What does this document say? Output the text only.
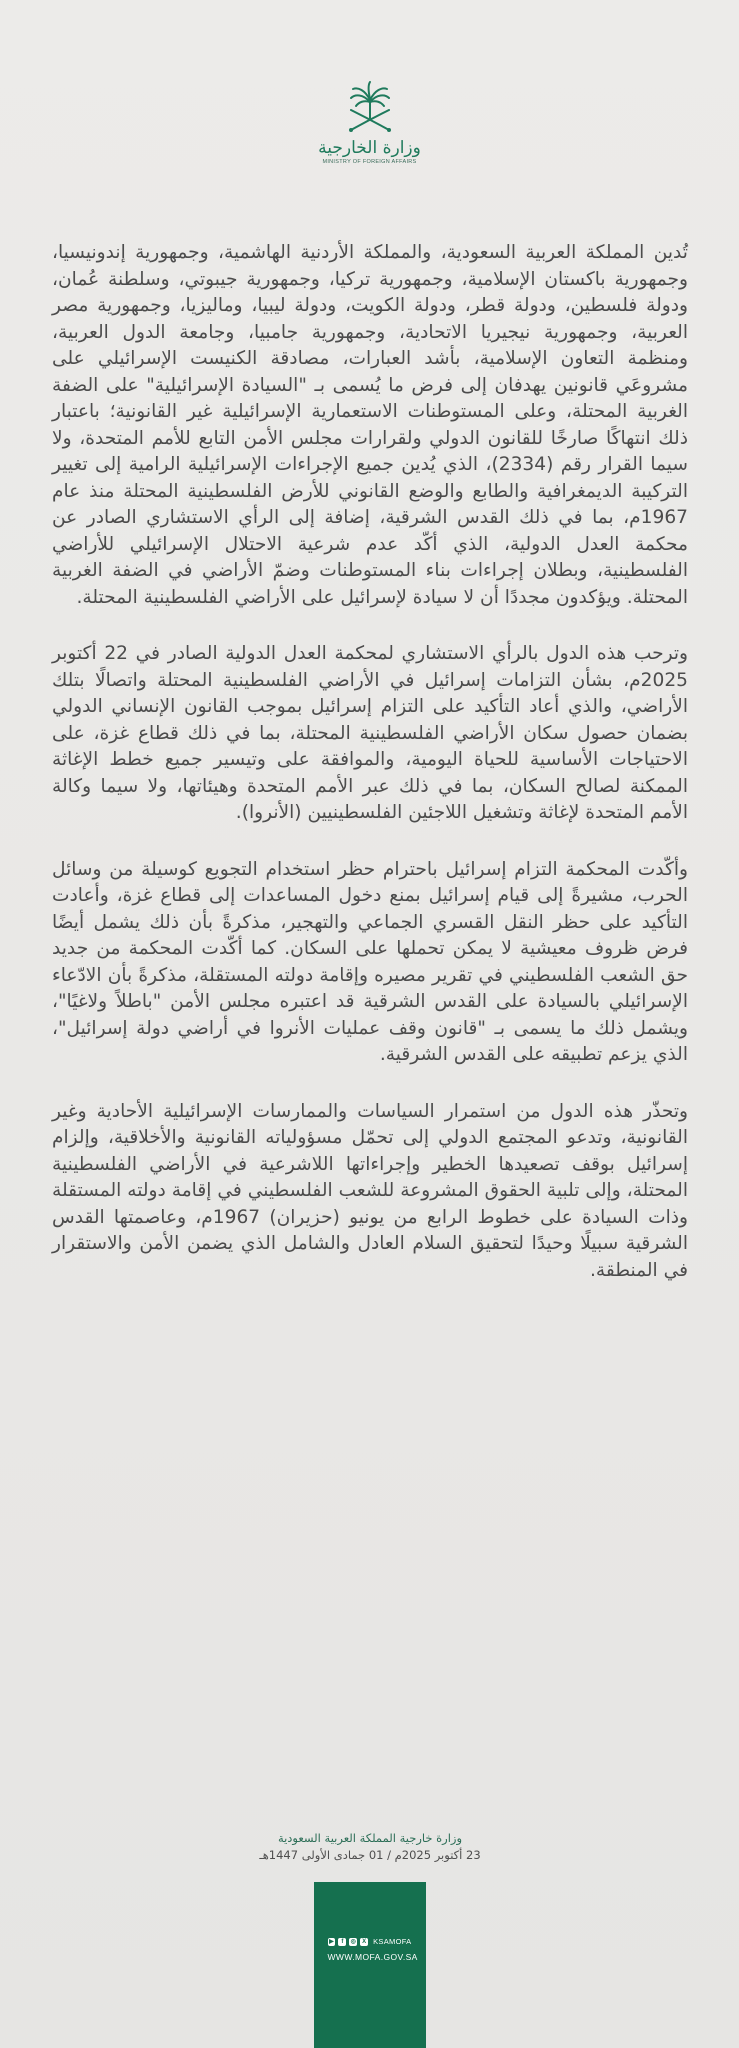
وزارة الخارجية
MINISTRY OF FOREIGN AFFAIRS

تُدين المملكة العربية السعودية، والمملكة الأردنية الهاشمية، وجمهورية إندونيسيا، وجمهورية باكستان الإسلامية، وجمهورية تركيا، وجمهورية جيبوتي، وسلطنة عُمان، ودولة فلسطين، ودولة قطر، ودولة الكويت، ودولة ليبيا، وماليزيا، وجمهورية مصر العربية، وجمهورية نيجيريا الاتحادية، وجمهورية جامبيا، وجامعة الدول العربية، ومنظمة التعاون الإسلامية، بأشد العبارات، مصادقة الكنيست الإسرائيلي على مشروعَي قانونين يهدفان إلى فرض ما يُسمى بـ "السيادة الإسرائيلية" على الضفة الغربية المحتلة، وعلى المستوطنات الاستعمارية الإسرائيلية غير القانونية؛ باعتبار ذلك انتهاكًا صارخًا للقانون الدولي ولقرارات مجلس الأمن التابع للأمم المتحدة، ولا سيما القرار رقم (2334)، الذي يُدين جميع الإجراءات الإسرائيلية الرامية إلى تغيير التركيبة الديمغرافية والطابع والوضع القانوني للأرض الفلسطينية المحتلة منذ عام 1967م، بما في ذلك القدس الشرقية، إضافة إلى الرأي الاستشاري الصادر عن محكمة العدل الدولية، الذي أكّد عدم شرعية الاحتلال الإسرائيلي للأراضي الفلسطينية، وبطلان إجراءات بناء المستوطنات وضمّ الأراضي في الضفة الغربية المحتلة. ويؤكدون مجددًا أن لا سيادة لإسرائيل على الأراضي الفلسطينية المحتلة.

وترحب هذه الدول بالرأي الاستشاري لمحكمة العدل الدولية الصادر في 22 أكتوبر 2025م، بشأن التزامات إسرائيل في الأراضي الفلسطينية المحتلة واتصالًا بتلك الأراضي، والذي أعاد التأكيد على التزام إسرائيل بموجب القانون الإنساني الدولي بضمان حصول سكان الأراضي الفلسطينية المحتلة، بما في ذلك قطاع غزة، على الاحتياجات الأساسية للحياة اليومية، والموافقة على وتيسير جميع خطط الإغاثة الممكنة لصالح السكان، بما في ذلك عبر الأمم المتحدة وهيئاتها، ولا سيما وكالة الأمم المتحدة لإغاثة وتشغيل اللاجئين الفلسطينيين (الأنروا).

وأكّدت المحكمة التزام إسرائيل باحترام حظر استخدام التجويع كوسيلة من وسائل الحرب، مشيرةً إلى قيام إسرائيل بمنع دخول المساعدات إلى قطاع غزة، وأعادت التأكيد على حظر النقل القسري الجماعي والتهجير، مذكرةً بأن ذلك يشمل أيضًا فرض ظروف معيشية لا يمكن تحملها على السكان. كما أكّدت المحكمة من جديد حق الشعب الفلسطيني في تقرير مصيره وإقامة دولته المستقلة، مذكرةً بأن الادّعاء الإسرائيلي بالسيادة على القدس الشرقية قد اعتبره مجلس الأمن "باطلاً ولاغيًا"، ويشمل ذلك ما يسمى بـ "قانون وقف عمليات الأنروا في أراضي دولة إسرائيل"، الذي يزعم تطبيقه على القدس الشرقية.

وتحذّر هذه الدول من استمرار السياسات والممارسات الإسرائيلية الأحادية وغير القانونية، وتدعو المجتمع الدولي إلى تحمّل مسؤولياته القانونية والأخلاقية، وإلزام إسرائيل بوقف تصعيدها الخطير وإجراءاتها اللاشرعية في الأراضي الفلسطينية المحتلة، وإلى تلبية الحقوق المشروعة للشعب الفلسطيني في إقامة دولته المستقلة وذات السيادة على خطوط الرابع من يونيو (حزيران) 1967م، وعاصمتها القدس الشرقية سبيلًا وحيدًا لتحقيق السلام العادل والشامل الذي يضمن الأمن والاستقرار في المنطقة.

وزارة خارجية المملكة العربية السعودية
23 أكتوبر 2025م / 01 جمادى الأولى 1447هـ
▶	f	◎	X KSAMOFA
WWW.MOFA.GOV.SA
